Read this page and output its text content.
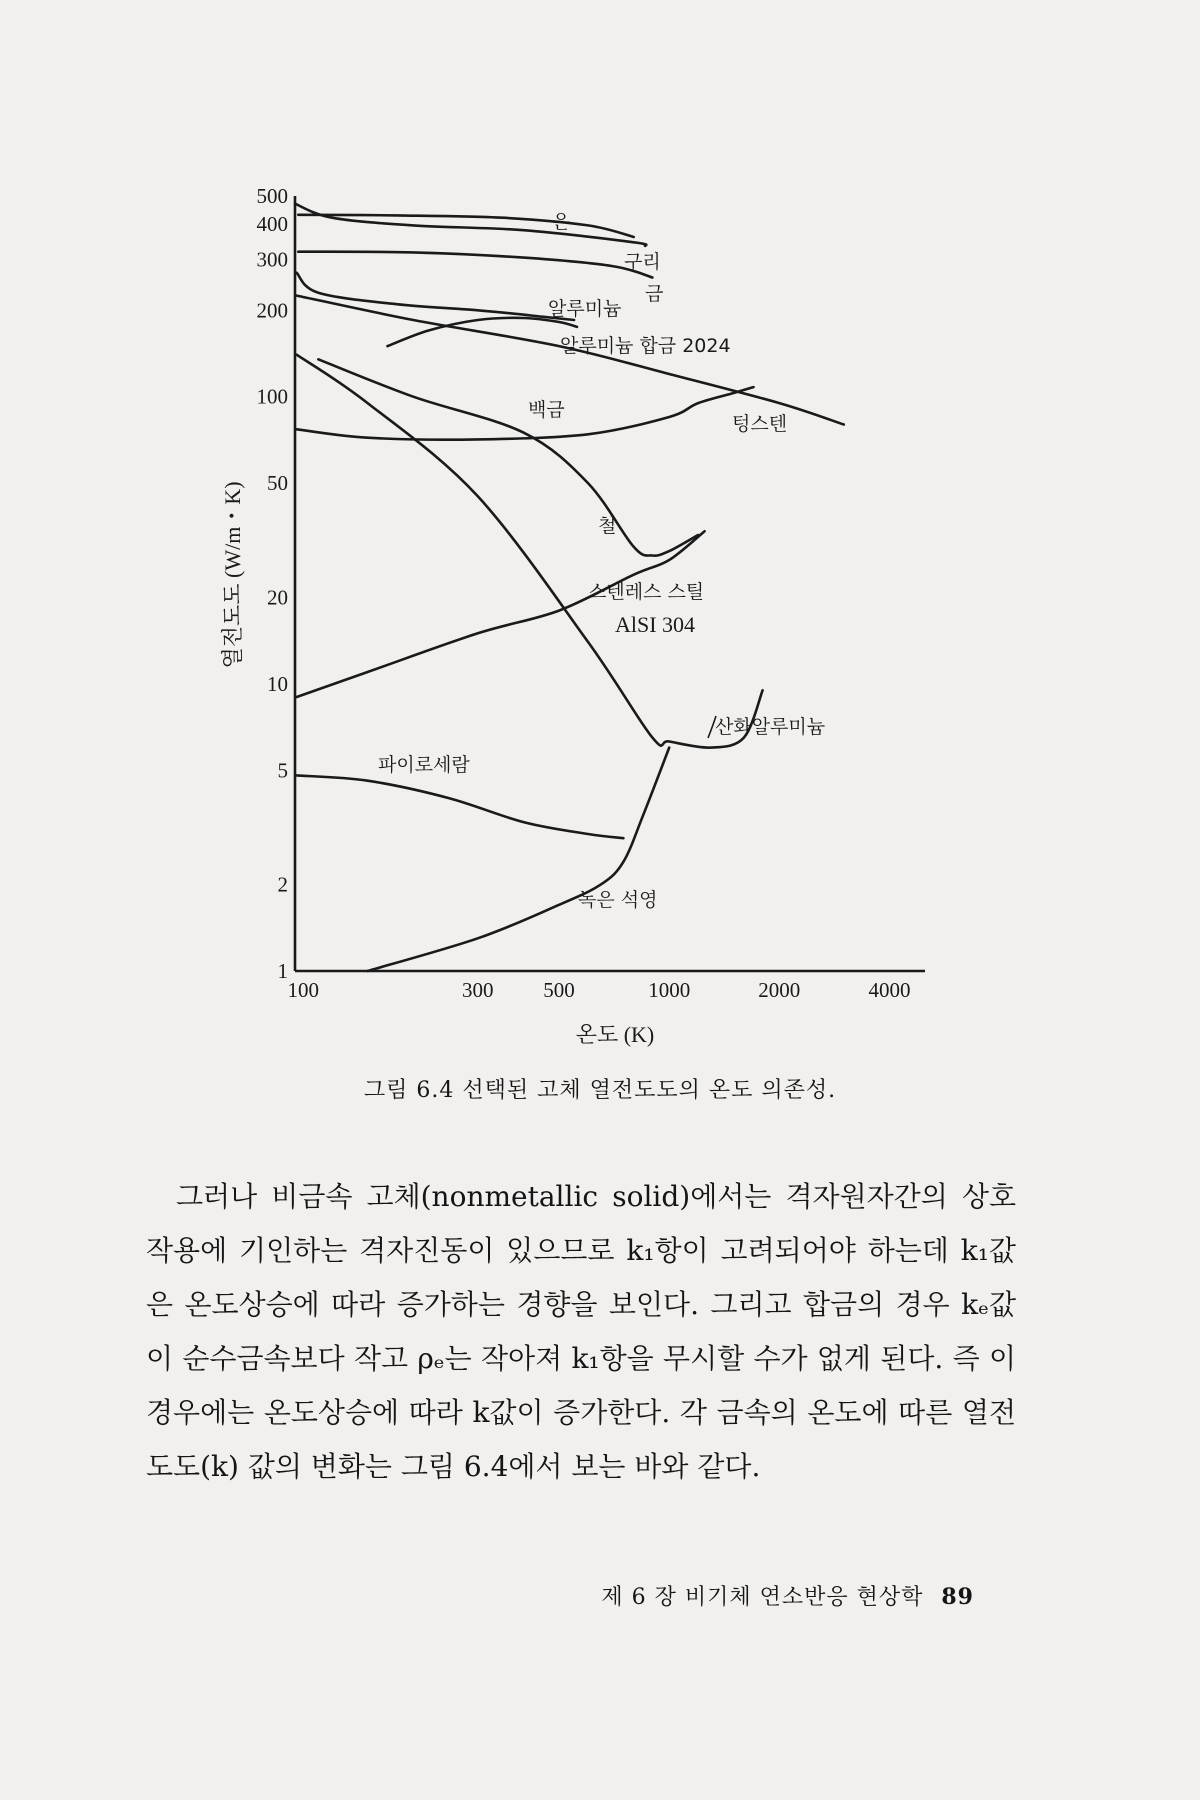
1
2
5
10
20
50
100
200
300
400
500
100	300 500	1000	2000	4000
은
구리
금
알루미늄
알루미늄 합금 2024
텅스텐
백금
철
스텐레스 스틸
AlSI 304
산화알루미늄
파이로세람
녹은 석영
온도 (K)
열전도도 (W/m・K)
그림 6.4 선택된 고체 열전도도의 온도 의존성.

그러나 비금속 고체(nonmetallic solid)에서는 격자원자간의 상호작용에 기인하는 격자진동이 있으므로 k₁항이 고려되어야 하는데 k₁값은 온도상승에 따라 증가하는 경향을 보인다. 그리고 합금의 경우 kₑ값이 순수금속보다 작고 ρₑ는 작아져 k₁항을 무시할 수가 없게 된다. 즉 이 경우에는 온도상승에 따라 k값이 증가한다. 각 금속의 온도에 따른 열전도도(k) 값의 변화는 그림 6.4에서 보는 바와 같다.

제 6 장 비기체 연소반응 현상학 89
